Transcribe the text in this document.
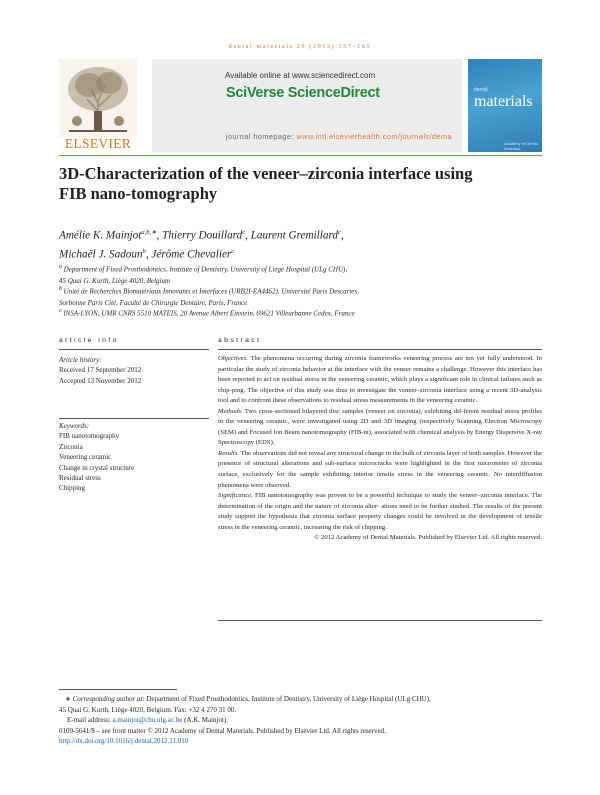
dental materials 29 (2013) 157–165
ELSEVIER
Available online at www.sciencedirect.com
SciVerse ScienceDirect
journal homepage: www.intl.elsevierhealth.com/journals/dema
dental
materials
Academy of Dental Materials
3D-Characterization of the veneer–zirconia interface using
FIB nano-tomography
Amélie K. Mainjot$^{a,b,∗}$, Thierry Douillard$^c$, Laurent Gremillard$^c$,
Michaël J. Sadoun$^b$, Jérôme Chevalier$^c$
$^a$ Department of Fixed Prosthodontics, Institute of Dentistry, University of Liege Hospital (ULg CHU),
45 Quai G. Kurth, Liège 4020, Belgium
$^b$ Unité de Recherches Biomatériaux Innovants et Interfaces (URB2I-EA4462), Université Paris Descartes,
Sorbonne Paris Cité, Faculté de Chirurgie Dentaire, Paris, France
$^c$ INSA-LYON, UMR CNRS 5510 MATEIS, 20 Avenue Albert Einstein, 69621 Villeurbanne Cedex, France
article info
Article history:
Received 17 September 2012
Accepted 13 November 2012
Keywords:
FIB nanotomography
Zirconia
Veneering ceramic
Change in crystal structure
Residual stress
Chipping
abstract

Objectives. The phenomena occurring during zirconia frameworks veneering process are not yet fully understood. In particular the study of zirconia behavior at the interface with the veneer remains a challenge. However this interface has been reported to act on residual stress in the veneering ceramic, which plays a significant role in clinical failures such as chip-ping. The objective of this study was thus to investigate the veneer–zirconia interface using a recent 3D-analysis tool and to confront these observations to residual stress measurements in the veneering ceramic.

Methods. Two cross-sectioned bilayered disc samples (veneer on zirconia), exhibiting dif-ferent residual stress profiles in the veneering ceramic, were investigated using 2D and 3D imaging (respectively Scanning Electron Microscopy (SEM) and Focused Ion Beam nanotomography (FIB-nt), associated with chemical analysis by Energy Dispersive X-ray Spectroscopy (EDS).

Results. The observations did not reveal any structural change in the bulk of zirconia layer of both samples. However the presence of structural alterations and sub-surface microcracks were highlighted in the first micrometer of zirconia surface, exclusively for the sample exhibiting interior tensile stress in the veneering ceramic. No interdiffusion phenomena were observed.

Significance. FIB nanotomography was proven to be a powerful technique to study the veneer–zirconia interface. The determination of the origin and the nature of zirconia alter- ations need to be further studied. The results of the present study support the hypothesis that zirconia surface property changes could be involved in the development of tensile stress in the veneering ceramic, increasing the risk of chipping.

© 2012 Academy of Dental Materials. Published by Elsevier Ltd. All rights reserved.

∗ Corresponding author at: Department of Fixed Prosthodontics, Institute of Dentistry, University of Liège Hospital (ULg CHU),
45 Quai G. Kurth, Liège 4020, Belgium. Fax: +32 4 270 31 00.
E-mail address: a.mainjot@chu.ulg.ac.be (A.K. Mainjot).
0109-5641/$ – see front matter © 2012 Academy of Dental Materials. Published by Elsevier Ltd. All rights reserved.
http://dx.doi.org/10.1016/j.dental.2012.11.010
